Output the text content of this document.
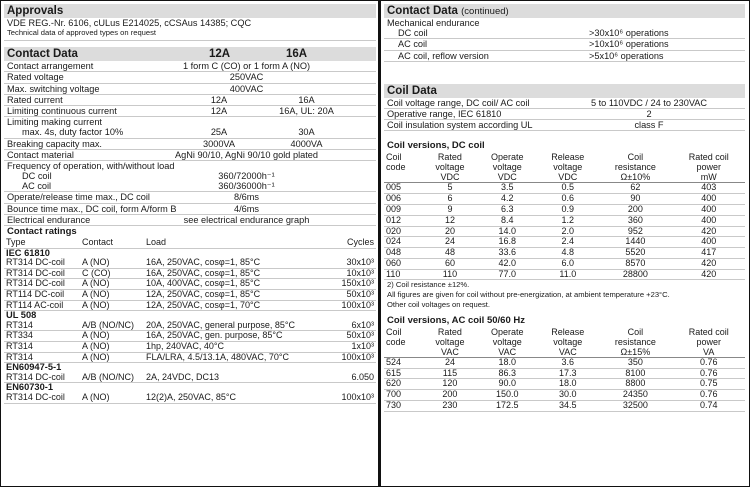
Approvals
VDE REG.-Nr. 6106, cULus E214025, cCSAus 14385; CQC
Technical data of approved types on request
Contact Data	12A	16A
Contact arrangement	1 form C (CO) or 1 form A (NO)
Rated voltage	250VAC
Max. switching voltage	400VAC
Rated current	12A	16A
Limiting continuous current	12A	16A, UL: 20A
Limiting making current
max. 4s, duty factor 10%	25A	30A
Breaking capacity max.	3000VA	4000VA
Contact material	AgNi 90/10, AgNi 90/10 gold plated
Frequency of operation, with/without load
DC coil	360/72000h⁻¹
AC coil	360/36000h⁻¹
Operate/release time max., DC coil	8/6ms
Bounce time max., DC coil, form A/form B	4/6ms
Electrical endurance	see electrical endurance graph
Contact ratings
Type	Contact	Load	Cycles
IEC 61810			
RT314 DC-coil	A (NO)	16A, 250VAC, cosφ=1, 85°C	30x10³
RT314 DC-coil	C (CO)	16A, 250VAC, cosφ=1, 85°C	10x10³
RT314 DC-coil	A (NO)	10A, 400VAC, cosφ=1, 85°C	150x10³
RT114 DC-coil	A (NO)	12A, 250VAC, cosφ=1, 85°C	50x10³
RT114 AC-coil	A (NO)	12A, 250VAC, cosφ=1, 70°C	100x10³
UL 508			
RT314	A/B (NO/NC)	20A, 250VAC, general purpose, 85°C	6x10³
RT334	A (NO)	16A, 250VAC, gen. purpose, 85°C	50x10³
RT314	A (NO)	1hp, 240VAC, 40°C	1x10³
RT314	A (NO)	FLA/LRA, 4.5/13.1A, 480VAC, 70°C	100x10³
EN60947-5-1			
RT314 DC-coil	A/B (NO/NC)	2A, 24VDC, DC13	6.050
EN60730-1			
RT314 DC-coil	A (NO)	12(2)A, 250VAC, 85°C	100x10³
Contact Data (continued)
Mechanical endurance
DC coil	>30x10⁶ operations
AC coil	>10x10⁶ operations
AC coil, reflow version	>5x10⁶ operations
Coil Data
Coil voltage range, DC coil/ AC coil	5 to 110VDC / 24 to 230VAC
Operative range, IEC 61810	2
Coil insulation system according UL	class F
Coil versions, DC coil
Coil
code	Rated
voltage
VDC	Operate
voltage
VDC	Release
voltage
VDC	Coil
resistance
Ω±10%	Rated coil
power
mW
005	5	3.5	0.5	62	403
006	6	4.2	0.6	90	400
009	9	6.3	0.9	200	400
012	12	8.4	1.2	360	400
020	20	14.0	2.0	952	420
024	24	16.8	2.4	1440	400
048	48	33.6	4.8	5520	417
060	60	42.0	6.0	8570	420
110	110	77.0	11.0	28800	420
2) Coil resistance ±12%.
All figures are given for coil without pre-energization, at ambient temperature +23°C.
Other coil voltages on request.
Coil versions, AC coil 50/60 Hz
Coil
code	Rated
voltage
VAC	Operate
voltage
VAC	Release
voltage
VAC	Coil
resistance
Ω±15%	Rated coil
power
VA
524	24	18.0	3.6	350	0.76
615	115	86.3	17.3	8100	0.76
620	120	90.0	18.0	8800	0.75
700	200	150.0	30.0	24350	0.76
730	230	172.5	34.5	32500	0.74
